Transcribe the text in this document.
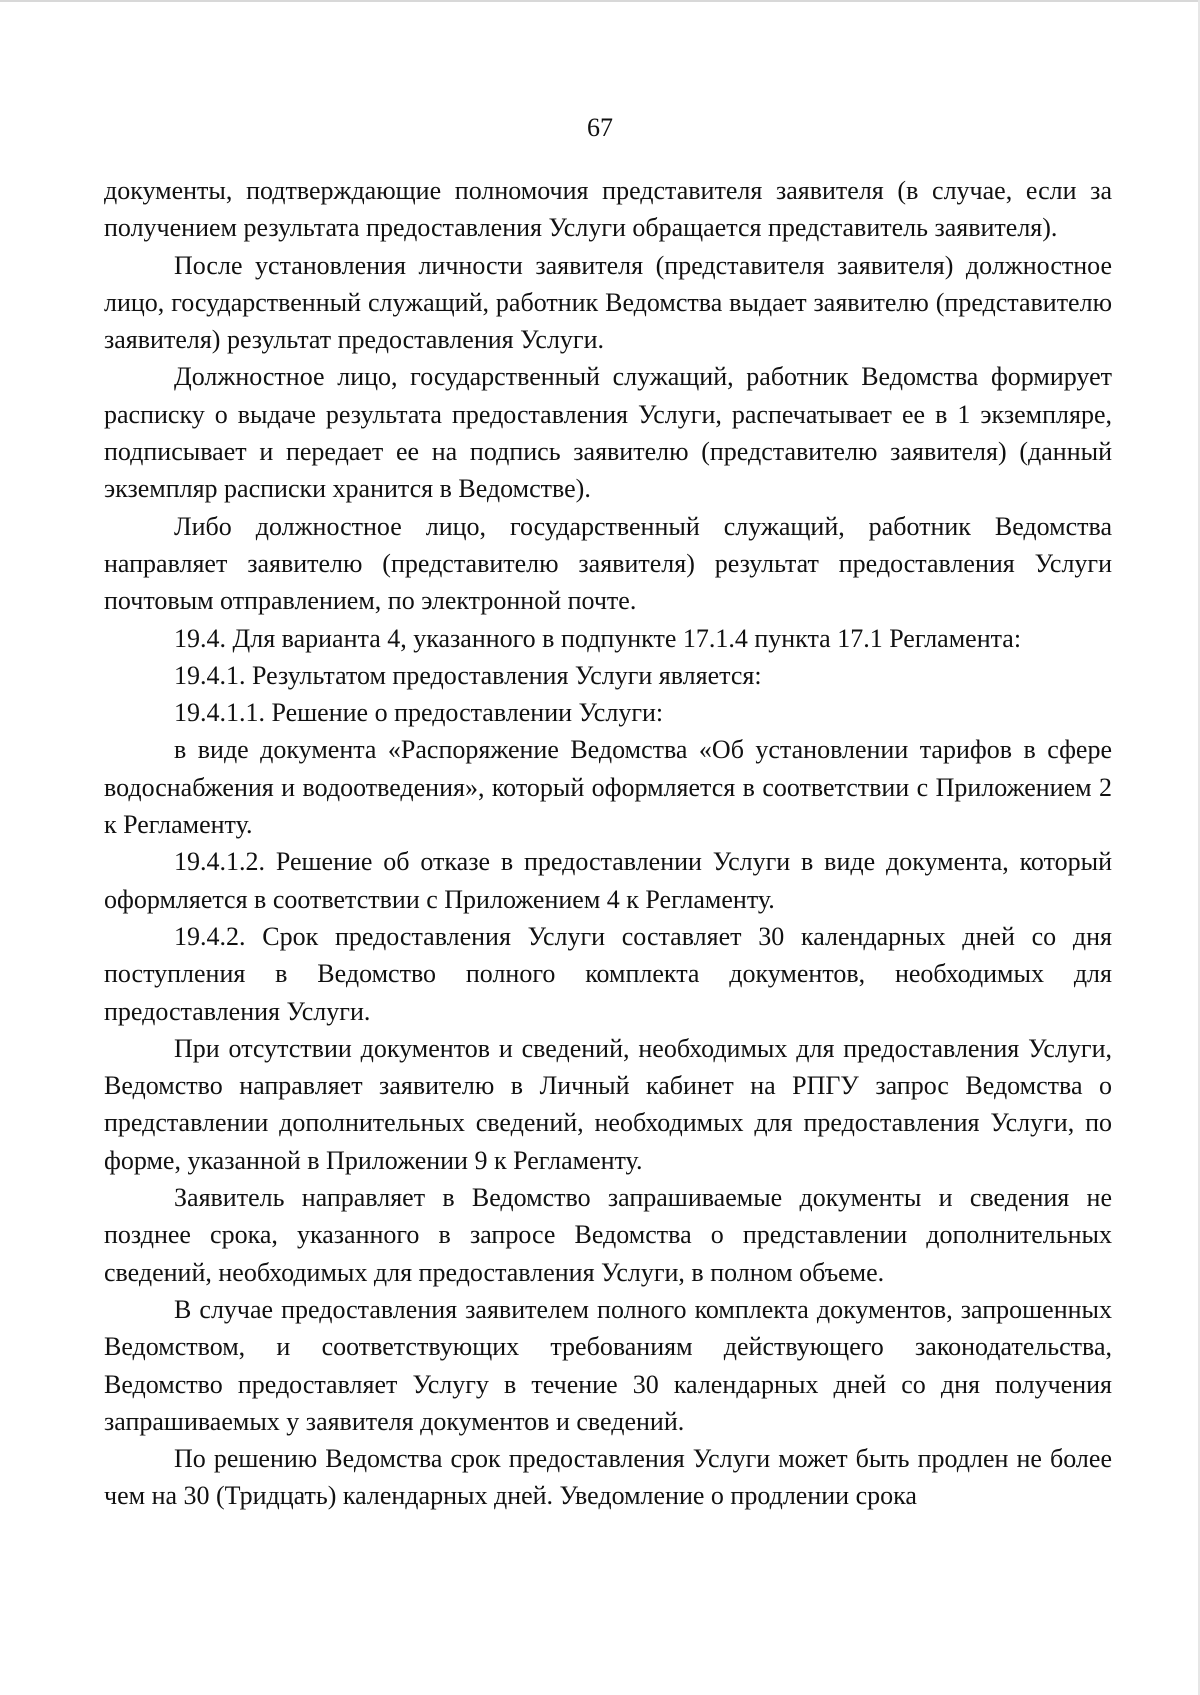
67

документы, подтверждающие полномочия представителя заявителя (в случае, если за получением результата предоставления Услуги обращается представитель заявителя).

После установления личности заявителя (представителя заявителя) должностное лицо, государственный служащий, работник Ведомства выдает заявителю (представителю заявителя) результат предоставления Услуги.

Должностное лицо, государственный служащий, работник Ведомства формирует расписку о выдаче результата предоставления Услуги, распечатывает ее в 1 экземпляре, подписывает и передает ее на подпись заявителю (представителю заявителя) (данный экземпляр расписки хранится в Ведомстве).

Либо должностное лицо, государственный служащий, работник Ведомства направляет заявителю (представителю заявителя) результат предоставления Услуги почтовым отправлением, по электронной почте.

19.4. Для варианта 4, указанного в подпункте 17.1.4 пункта 17.1 Регламента:

19.4.1. Результатом предоставления Услуги является:

19.4.1.1. Решение о предоставлении Услуги:

в виде документа «Распоряжение Ведомства «Об установлении тарифов в сфере водоснабжения и водоотведения», который оформляется в соответствии с Приложением 2 к Регламенту.

19.4.1.2. Решение об отказе в предоставлении Услуги в виде документа, который оформляется в соответствии с Приложением 4 к Регламенту.

19.4.2. Срок предоставления Услуги составляет 30 календарных дней со дня поступления в Ведомство полного комплекта документов, необходимых для предоставления Услуги.

При отсутствии документов и сведений, необходимых для предоставления Услуги, Ведомство направляет заявителю в Личный кабинет на РПГУ запрос Ведомства о представлении дополнительных сведений, необходимых для предоставления Услуги, по форме, указанной в Приложении 9 к Регламенту.

Заявитель направляет в Ведомство запрашиваемые документы и сведения не позднее срока, указанного в запросе Ведомства о представлении дополнительных сведений, необходимых для предоставления Услуги, в полном объеме.

В случае предоставления заявителем полного комплекта документов, запрошенных Ведомством, и соответствующих требованиям действующего законодательства, Ведомство предоставляет Услугу в течение 30 календарных дней со дня получения запрашиваемых у заявителя документов и сведений.

По решению Ведомства срок предоставления Услуги может быть продлен не более чем на 30 (Тридцать) календарных дней. Уведомление о продлении срока
